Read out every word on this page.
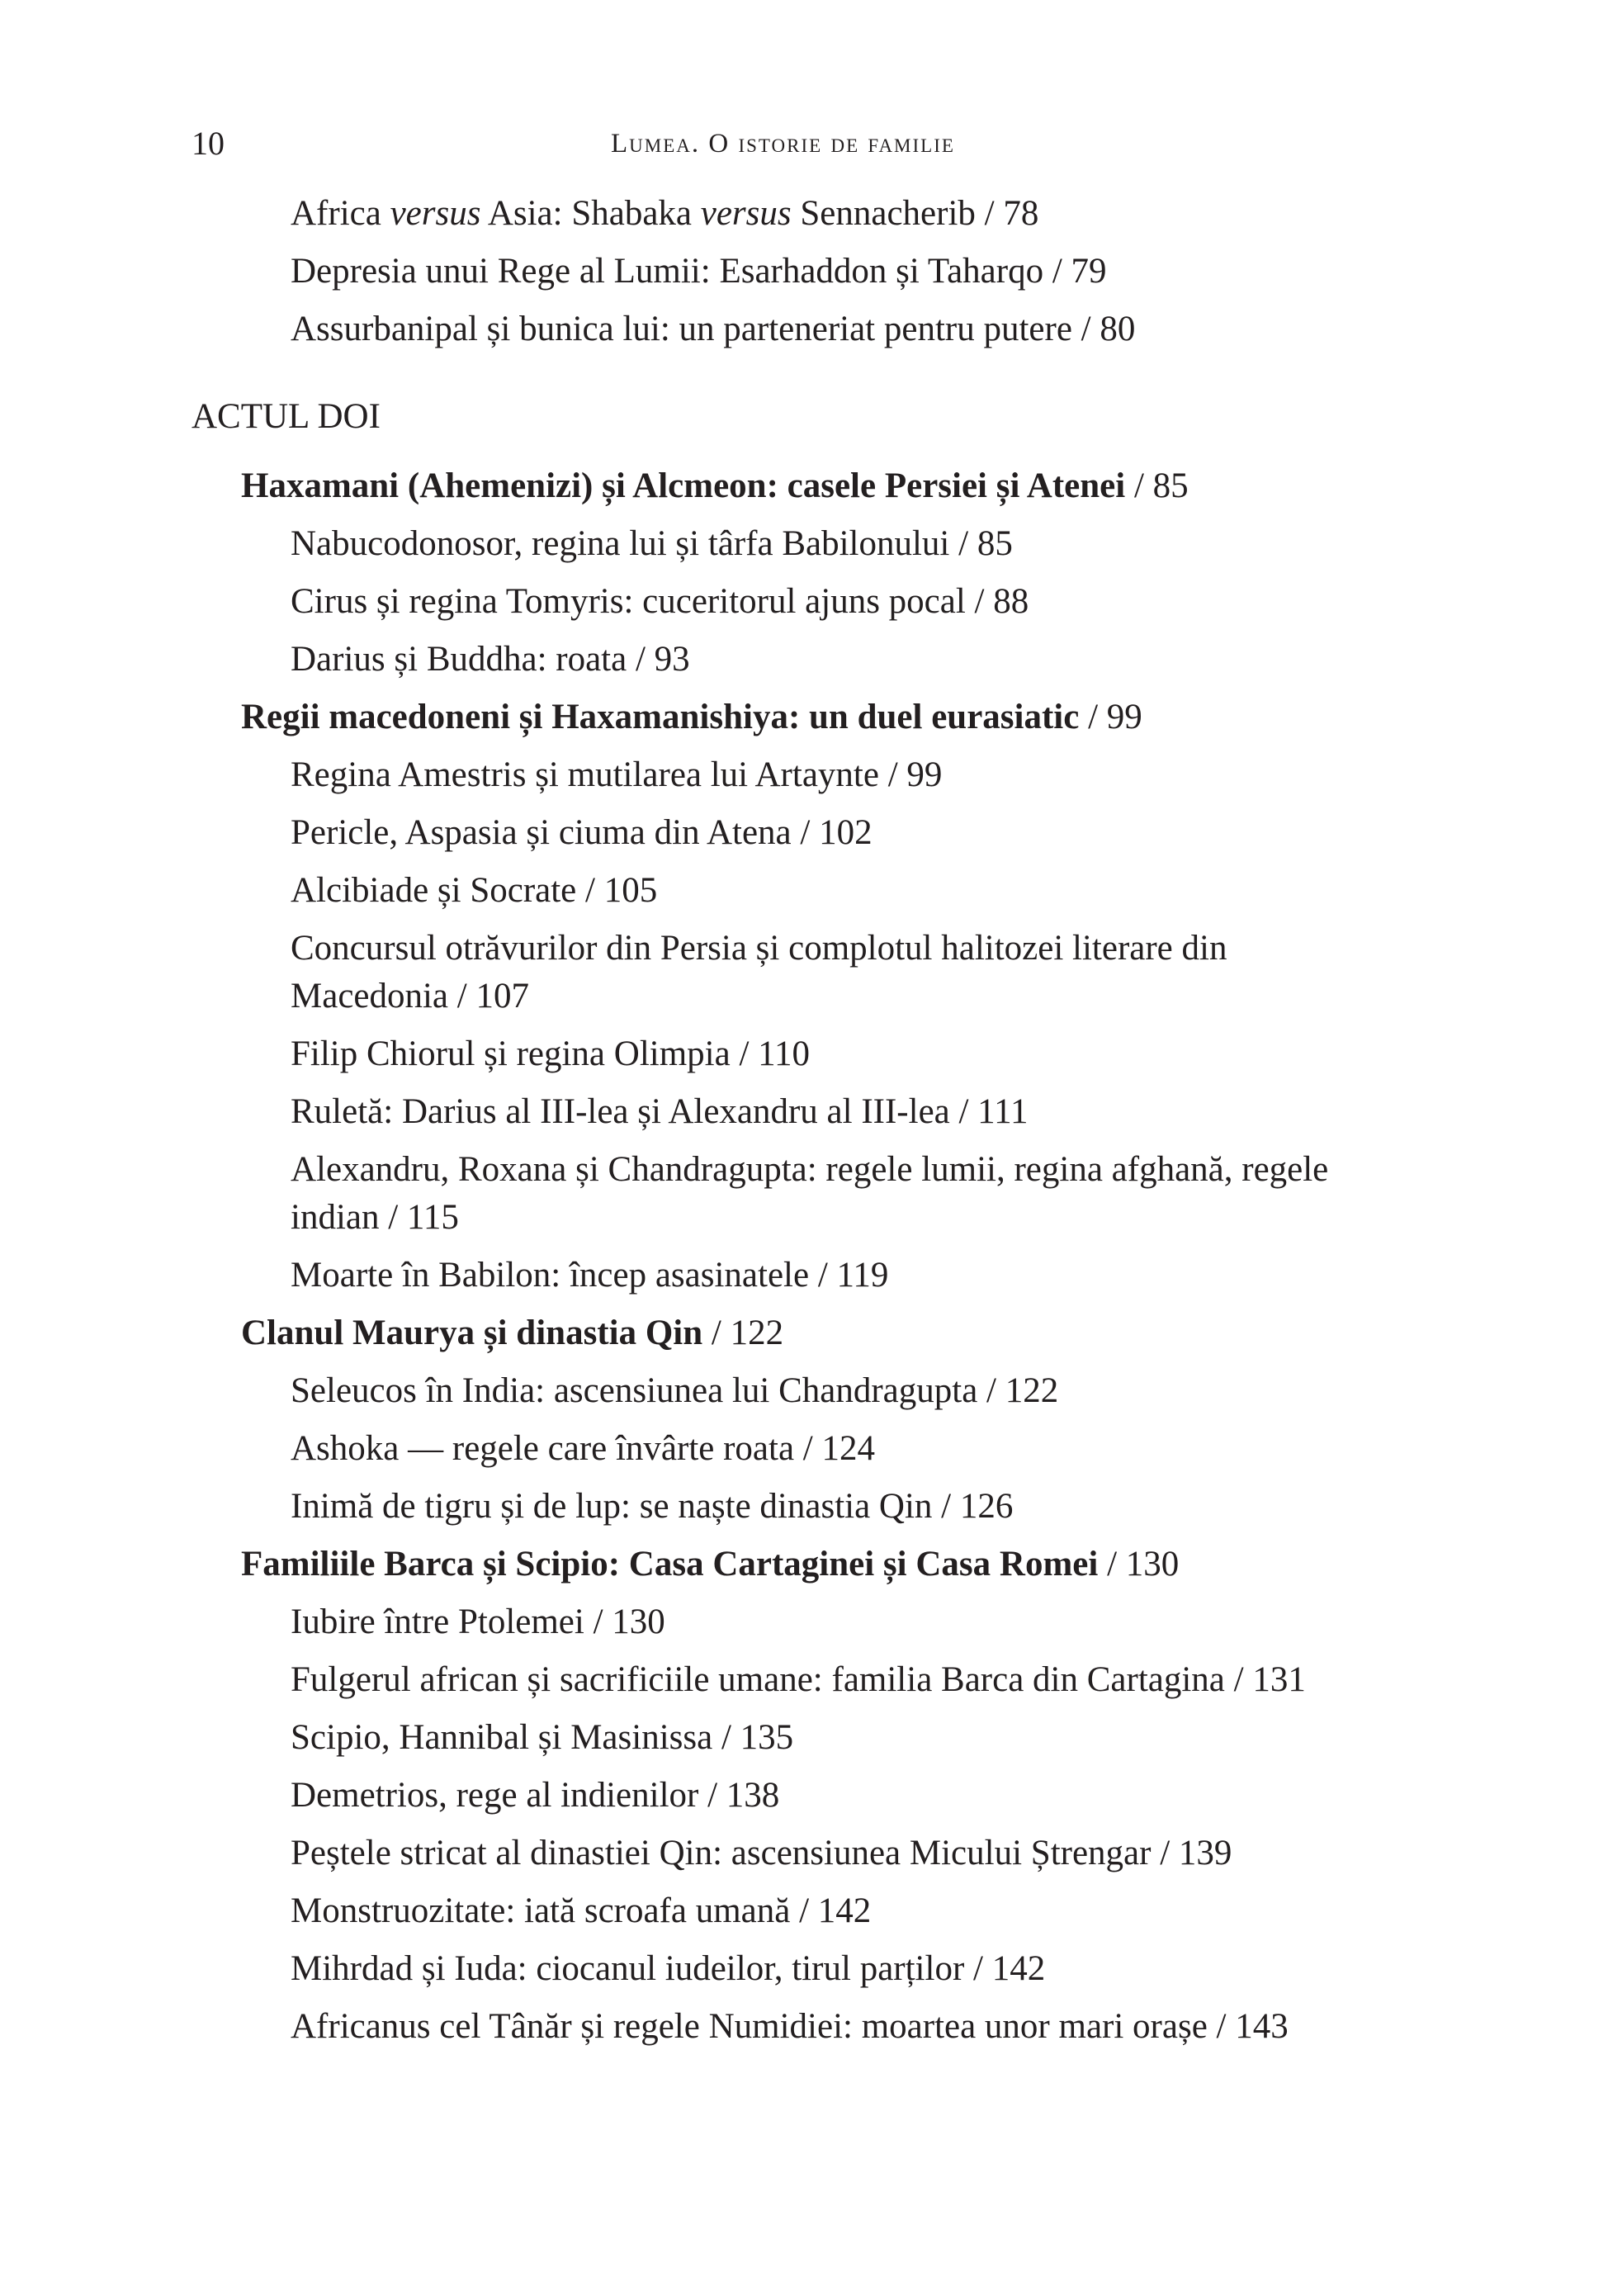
10	Lumea. O istorie de familie
Africa versus Asia: Shabaka versus Sennacherib / 78
Depresia unui Rege al Lumii: Esarhaddon și Taharqo / 79
Assurbanipal și bunica lui: un parteneriat pentru putere / 80
ACTUL DOI
Haxamani (Ahemenizi) și Alcmeon: casele Persiei și Atenei / 85
Nabucodonosor, regina lui și târfa Babilonului / 85
Cirus și regina Tomyris: cuceritorul ajuns pocal / 88
Darius și Buddha: roata / 93
Regii macedoneni și Haxamanishiya: un duel eurasiatic / 99
Regina Amestris și mutilarea lui Artaynte / 99
Pericle, Aspasia și ciuma din Atena / 102
Alcibiade și Socrate / 105
Concursul otrăvurilor din Persia și complotul halitozei literare din
Macedonia / 107
Filip Chiorul și regina Olimpia / 110
Ruletă: Darius al III-lea și Alexandru al III-lea / 111
Alexandru, Roxana și Chandragupta: regele lumii, regina afghană, regele
indian / 115
Moarte în Babilon: încep asasinatele / 119
Clanul Maurya și dinastia Qin / 122
Seleucos în India: ascensiunea lui Chandragupta / 122
Ashoka — regele care învârte roata / 124
Inimă de tigru și de lup: se naște dinastia Qin / 126
Familiile Barca și Scipio: Casa Cartaginei și Casa Romei / 130
Iubire între Ptolemei / 130
Fulgerul african și sacrificiile umane: familia Barca din Cartagina / 131
Scipio, Hannibal și Masinissa / 135
Demetrios, rege al indienilor / 138
Peștele stricat al dinastiei Qin: ascensiunea Micului Ștrengar / 139
Monstruozitate: iată scroafa umană / 142
Mihrdad și Iuda: ciocanul iudeilor, tirul parților / 142
Africanus cel Tânăr și regele Numidiei: moartea unor mari orașe / 143
